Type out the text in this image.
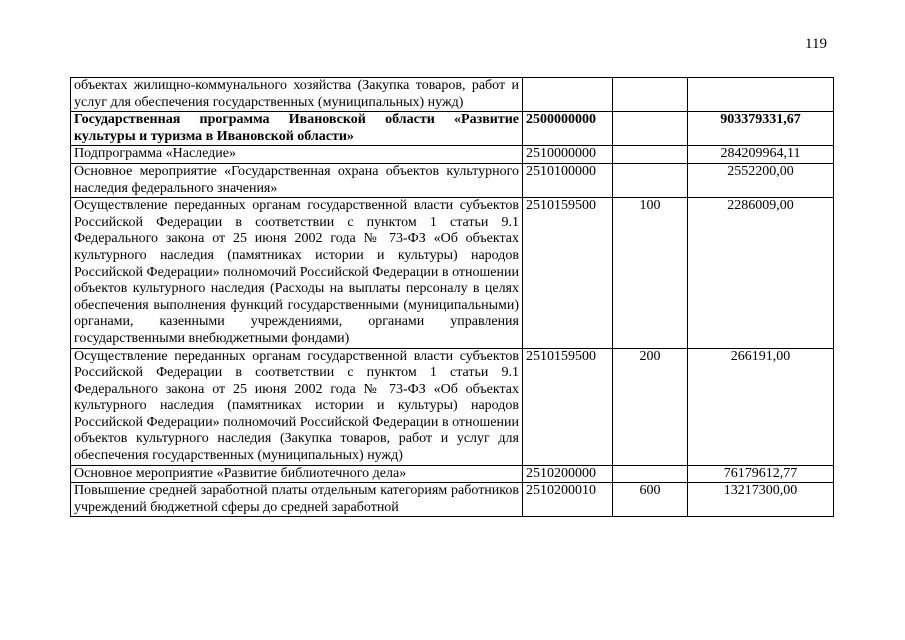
119
объектах жилищно-коммунального хозяйства (Закупка товаров, работ и услуг для обеспечения государственных (муниципальных) нужд)			
Государственная программа Ивановской области «Развитие культуры и туризма в Ивановской области»	2500000000		903379331,67
Подпрограмма «Наследие»	2510000000		284209964,11
Основное мероприятие «Государственная охрана объектов культурного наследия федерального значения»	2510100000		2552200,00
Осуществление переданных органам государственной власти субъектов Российской Федерации в соответствии с пунктом 1 статьи 9.1 Федерального закона от 25 июня 2002 года № 73-ФЗ «Об объектах культурного наследия (памятниках истории и культуры) народов Российской Федерации» полномочий Российской Федерации в отношении объектов культурного наследия (Расходы на выплаты персоналу в целях обеспечения выполнения функций государственными (муниципальными) органами, казенными учреждениями, органами управления государственными внебюджетными фондами)	2510159500	100	2286009,00
Осуществление переданных органам государственной власти субъектов Российской Федерации в соответствии с пунктом 1 статьи 9.1 Федерального закона от 25 июня 2002 года № 73-ФЗ «Об объектах культурного наследия (памятниках истории и культуры) народов Российской Федерации» полномочий Российской Федерации в отношении объектов культурного наследия (Закупка товаров, работ и услуг для обеспечения государственных (муниципальных) нужд)	2510159500	200	266191,00
Основное мероприятие «Развитие библиотечного дела»	2510200000		76179612,77
Повышение средней заработной платы отдельным категориям работников учреждений бюджетной сферы до средней заработной	2510200010	600	13217300,00
